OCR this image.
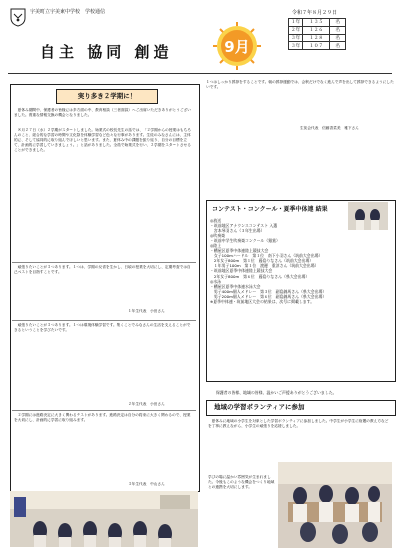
宇美町立宇美東中学校　学校通信
自主 協同 創造	9月
令和７年８月２９日
１年	１３５	名
２年	１２６	名
３年	１２８	名
３年	１０７	名
実り多き２学期に！
　夏休み期間中、保護者の皆様には多方面の中、教育相談（三者面談）へご出席いただきありがとうございました。貴重な情報交換の機会となりました。
　８月２７日（水）２学期がスタートしました。始業式の校長先生の話では、「２学期からの授業はもちろんのこと、総合的な学習の時間や文化祭を体験学習など色々な行事があります。生徒のみなさんには、主体的に、そして協同的に取り組んでほしいと思います。また、夏休み中の課題を振り返り、自分の目標を立て、計画的に学習していきましょう。」と話がありました。全員で始業式を行い、２学期をスタートさせることができました。
　頑張りたいことが３つあります。１つは、学期の反省を生かし、日頃の授業を大切にし、定期考査では自己ベストを目指すことです。
１年生代表　小田さん
　頑張りたいことが３つあります。１つは環境体験学習です。集くことでみなさんの生活を支えることができるということを学びたいです。
２年生代表　小田さん
　２学期には進路決定に大きく関わるテストがあります。進路決定は自分の将来に大きく関わるので、授業を大切にし、計画的に学習に取り組みます。
３年生代表　中山さん
１つはしっかり挨拶をすることです。朝の挨拶運動では、会釈だけでなく進んで声を出して挨拶できるようにしたいです。
生徒会代表　信藤香菜美　雅下さん
コンテスト・コンクール・夏季中体連 結果
◎放送
・筑前地区アナウンスコンテスト 入選
　宮本琴羽さん（３年生出場）
◎吹奏楽
・筑前中学生吹奏楽コンクール（銀賞）
◎陸上
・糟屋区夏季中体連陸上競技大会
　女子100mハードル　第１位　南下小羽さん（筑前大会出場）
　2年女子800m　第１位　藤島りなさん（筑前大会出場）
　１年男子100m　第１位　渡邊　重涼さん（筑前大会出場）
・筑前地区夏季中体連陸上競技大会
　2年女子800m　第６位　藤島りなさん（県大会出場）
◎水泳
・糟屋区夏季中体連水泳大会
　男子400m個人メドレー　第３位　副島錦馬さん（県大会出場）
　男子200m個人メドレー　第６位　副島錦馬さん（県大会出場）
※夏季中体連・筑前地区大会の結果は、次号に掲載します。
　保護者の皆様、地域の皆様、温かいご声援ありがとうございました。
地域の学習ボランティアに参加
　夏休みに地域の小学生を対象とした学習ボランティアに参加しました。中学生が小学生に宿題の教え方などを丁寧に教えながら、小学生の頑張りを応援しました。
学びの場に温かい雰囲気が生まれました。今後もこのような機会をつくり地域との連携を大切にします。
